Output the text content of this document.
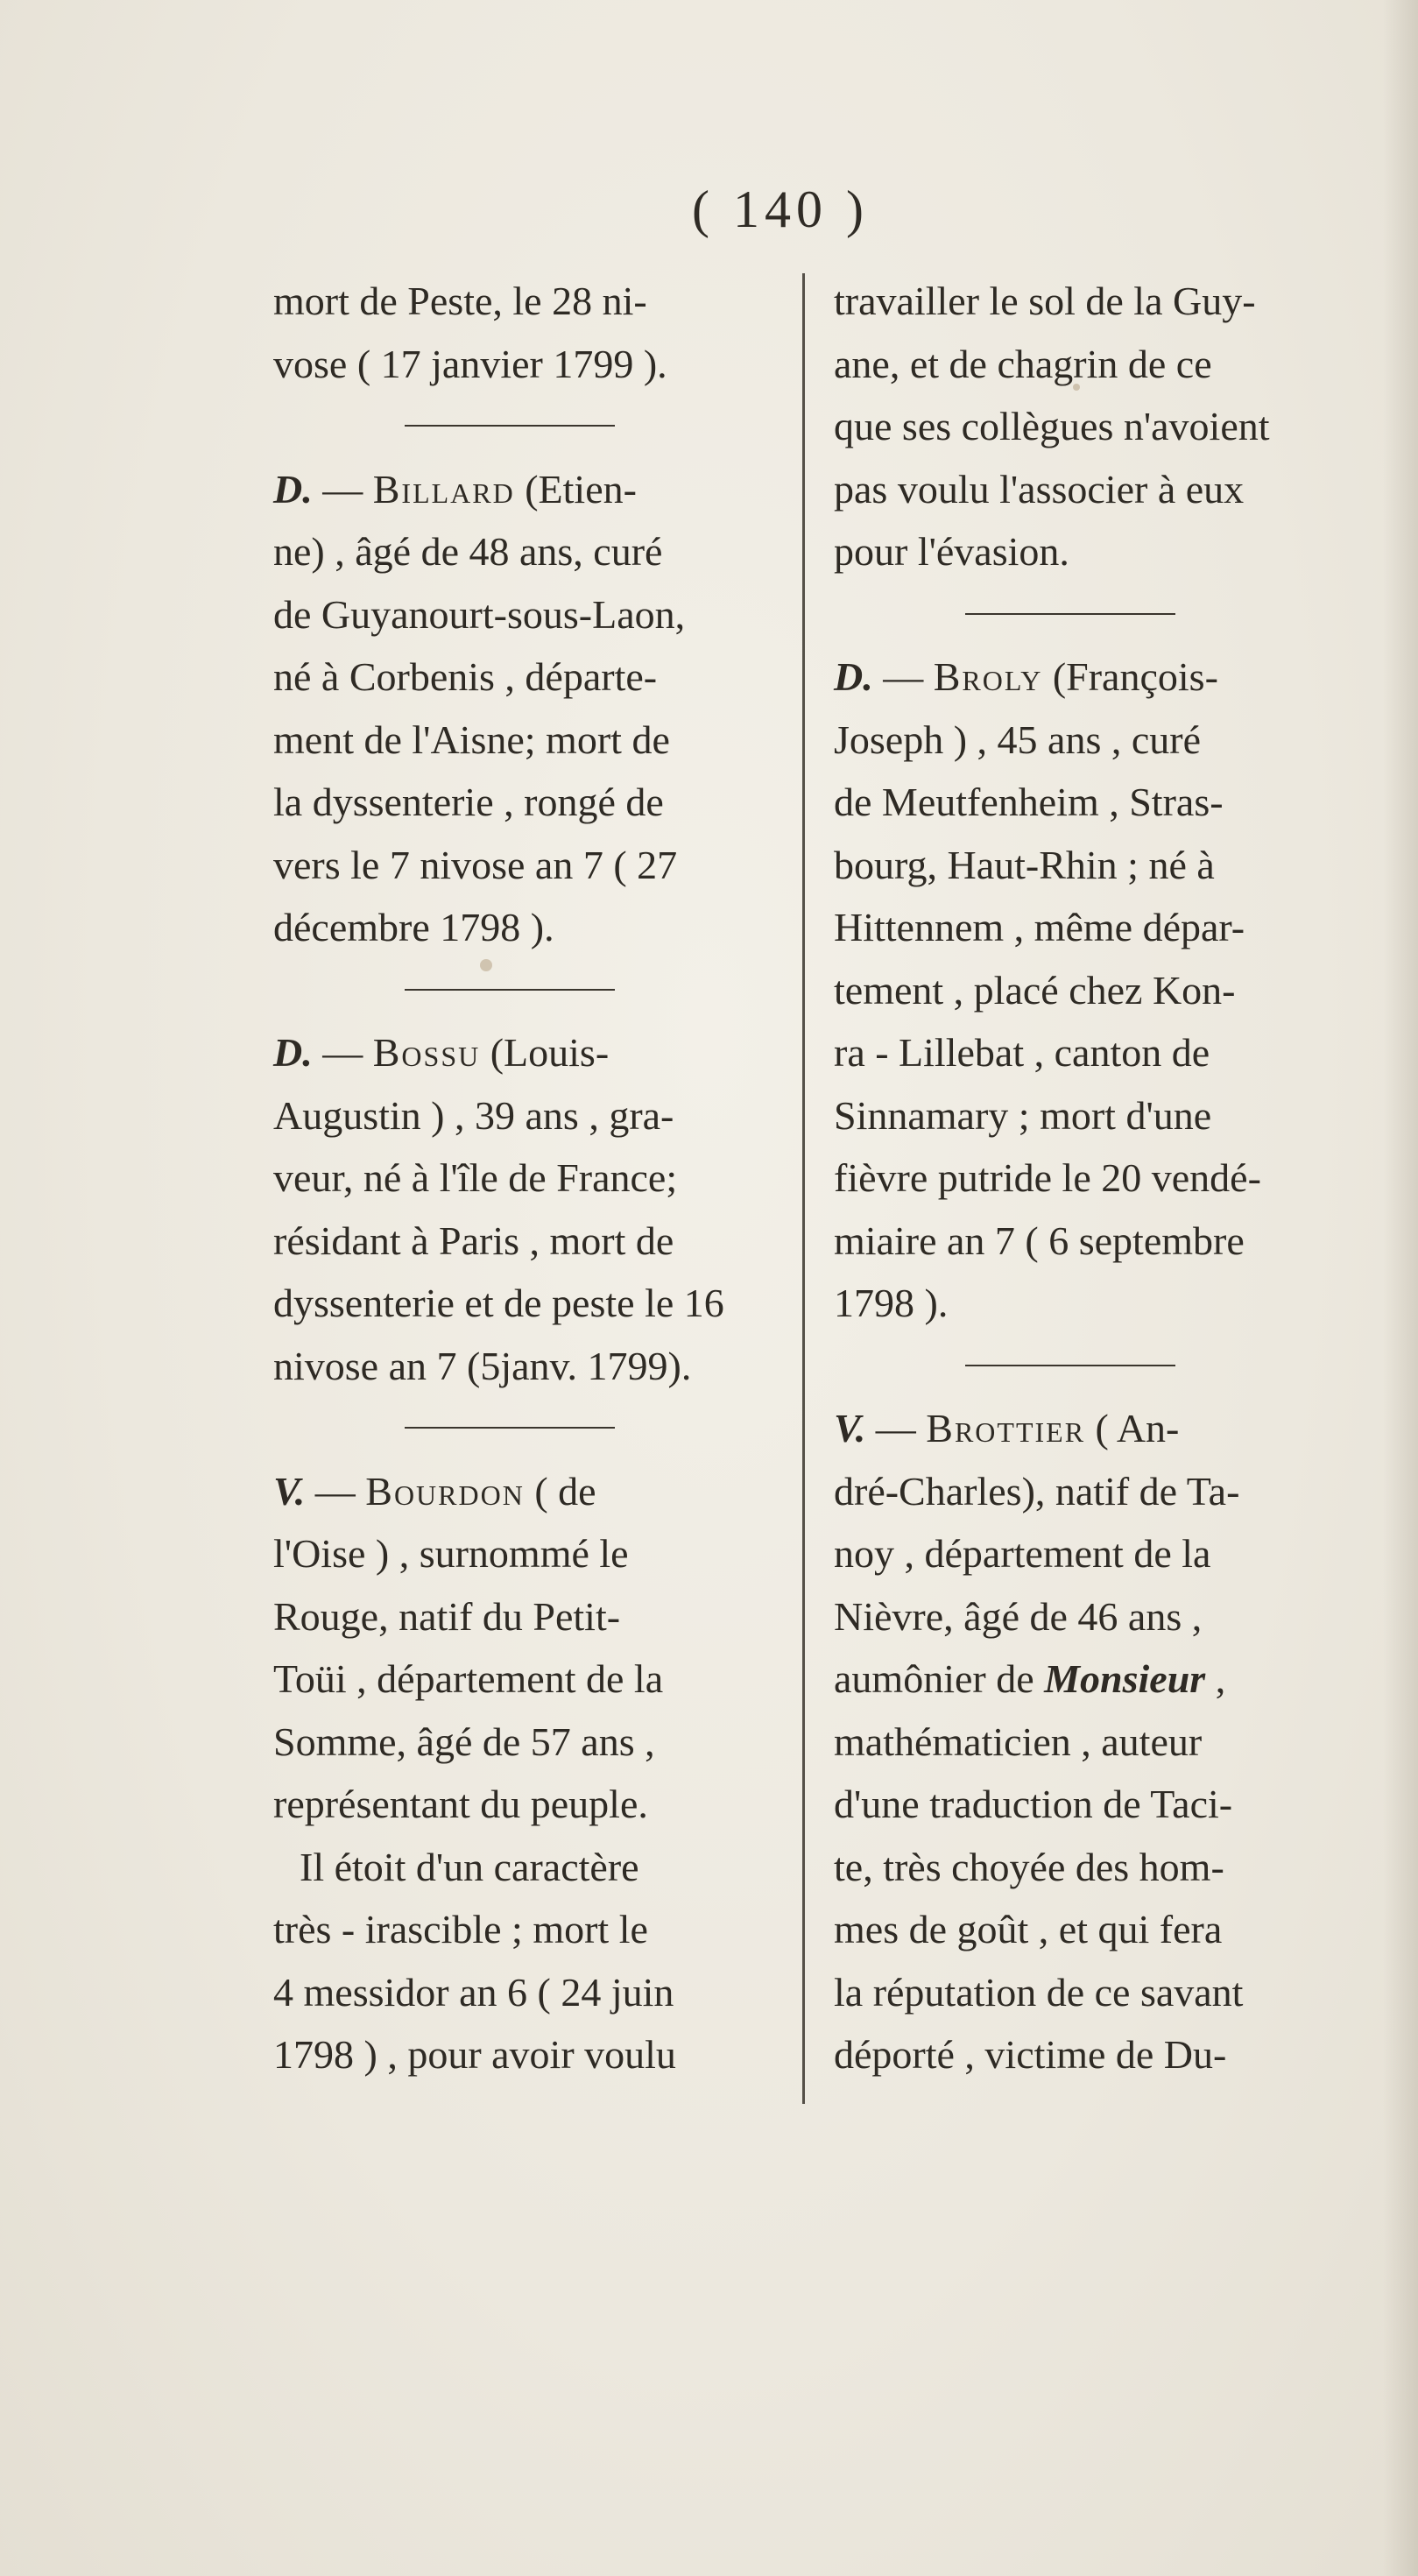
( 140 )
mort de Peste, le 28 ni-
vose ( 17 janvier 1799 ).
D. — Billard (Etien-
ne) , âgé de 48 ans, curé
de Guyanourt-sous-Laon,
né à Corbenis , départe-
ment de l'Aisne; mort de
la dyssenterie , rongé de
vers le 7 nivose an 7 ( 27
décembre 1798 ).
D. — Bossu (Louis-
Augustin ) , 39 ans , gra-
veur, né à l'île de France;
résidant à Paris , mort de
dyssenterie et de peste le 16
nivose an 7 (5janv. 1799).
V. — Bourdon ( de
l'Oise ) , surnommé le
Rouge, natif du Petit-
Toüi , département de la
Somme, âgé de 57 ans ,
représentant du peuple.
Il étoit d'un caractère
très - irascible ; mort le
4 messidor an 6 ( 24 juin
1798 ) , pour avoir voulu
travailler le sol de la Guy-
ane, et de chagrin de ce
que ses collègues n'avoient
pas voulu l'associer à eux
pour l'évasion.
D. — Broly (François-
Joseph ) , 45 ans , curé
de Meutfenheim , Stras-
bourg, Haut-Rhin ; né à
Hittennem , même dépar-
tement , placé chez Kon-
ra - Lillebat , canton de
Sinnamary ; mort d'une
fièvre putride le 20 vendé-
miaire an 7 ( 6 septembre
1798 ).
V. — Brottier ( An-
dré-Charles), natif de Ta-
noy , département de la
Nièvre, âgé de 46 ans ,
aumônier de Monsieur ,
mathématicien , auteur
d'une traduction de Taci-
te, très choyée des hom-
mes de goût , et qui fera
la réputation de ce savant
déporté , victime de Du-
